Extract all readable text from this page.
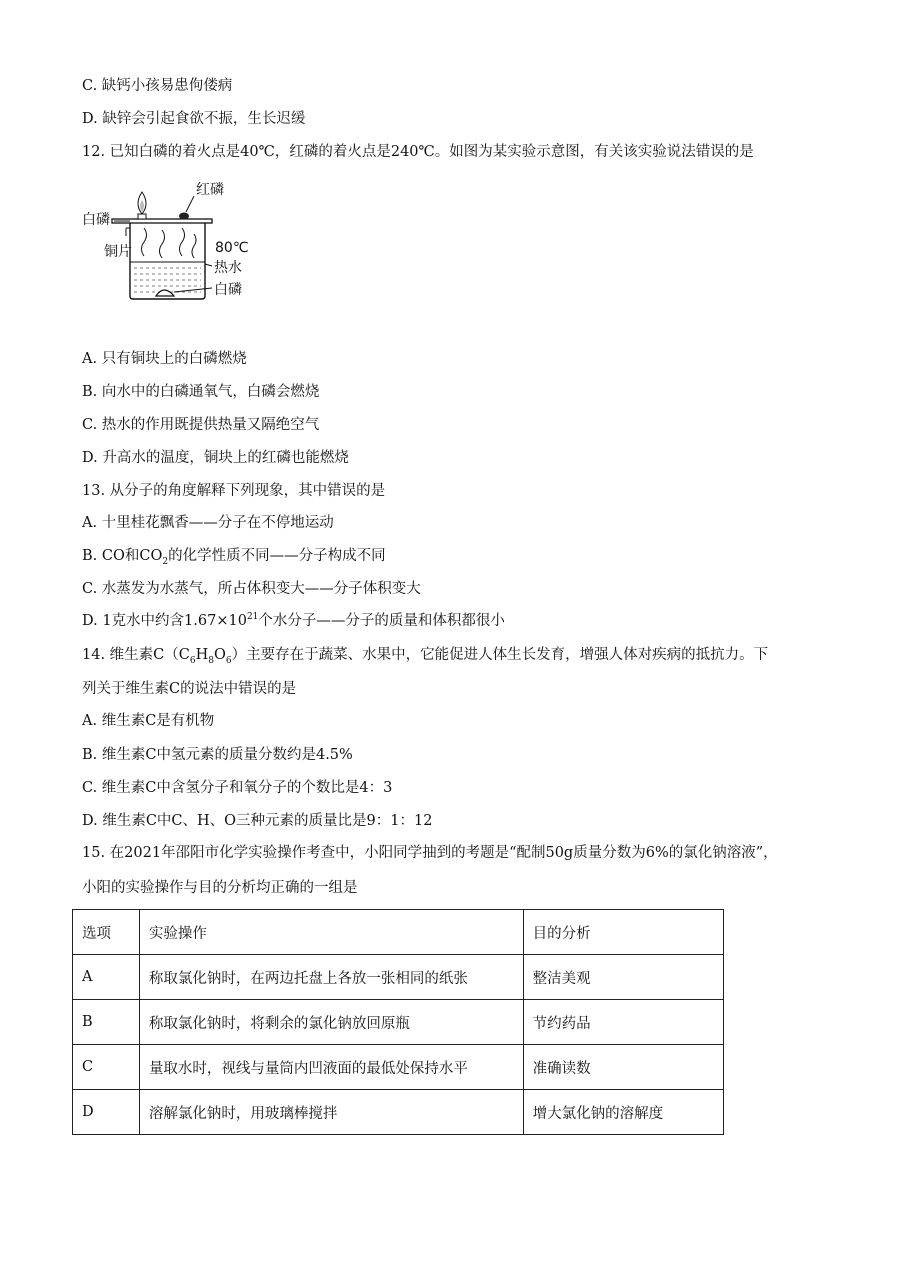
C. 缺钙小孩易患佝偻病
D. 缺锌会引起食欲不振，生长迟缓
12. 已知白磷的着火点是40℃，红磷的着火点是240℃。如图为某实验示意图，有关该实验说法错误的是
红磷
白磷
铜片	80℃
热水
白磷
A. 只有铜块上的白磷燃烧
B. 向水中的白磷通氧气，白磷会燃烧
C. 热水的作用既提供热量又隔绝空气
D. 升高水的温度，铜块上的红磷也能燃烧
13. 从分子的角度解释下列现象，其中错误的是
A. 十里桂花飘香——分子在不停地运动
B. CO和$CO_2$的化学性质不同——分子构成不同
C. 水蒸发为水蒸气，所占体积变大——分子体积变大
D. 1克水中约含$1.67\times 10^{21}$个水分子——分子的质量和体积都很小
14. 维生素$C(C_6H_8O_6)$主要存在于蔬菜、水果中，它能促进人体生长发育，增强人体对疾病的抵抗力。下
列关于维生素C的说法中错误的是
A. 维生素C是有机物
B. 维生素C中氢元素的质量分数约是4.5%
C. 维生素C中含氢分子和氧分子的个数比是4：3
D. 维生素C中C、H、O三种元素的质量比是9：1：12
15. 在2021年邵阳市化学实验操作考查中，小阳同学抽到的考题是“配制50g质量分数为6%的氯化钠溶液”，
小阳的实验操作与目的分析均正确的一组是
选项	实验操作	目的分析
A	称取氯化钠时，在两边托盘上各放一张相同的纸张	整洁美观
B	称取氯化钠时，将剩余的氯化钠放回原瓶	节约药品
C	量取水时，视线与量筒内凹液面的最低处保持水平	准确读数
D	溶解氯化钠时，用玻璃棒搅拌	增大氯化钠的溶解度
